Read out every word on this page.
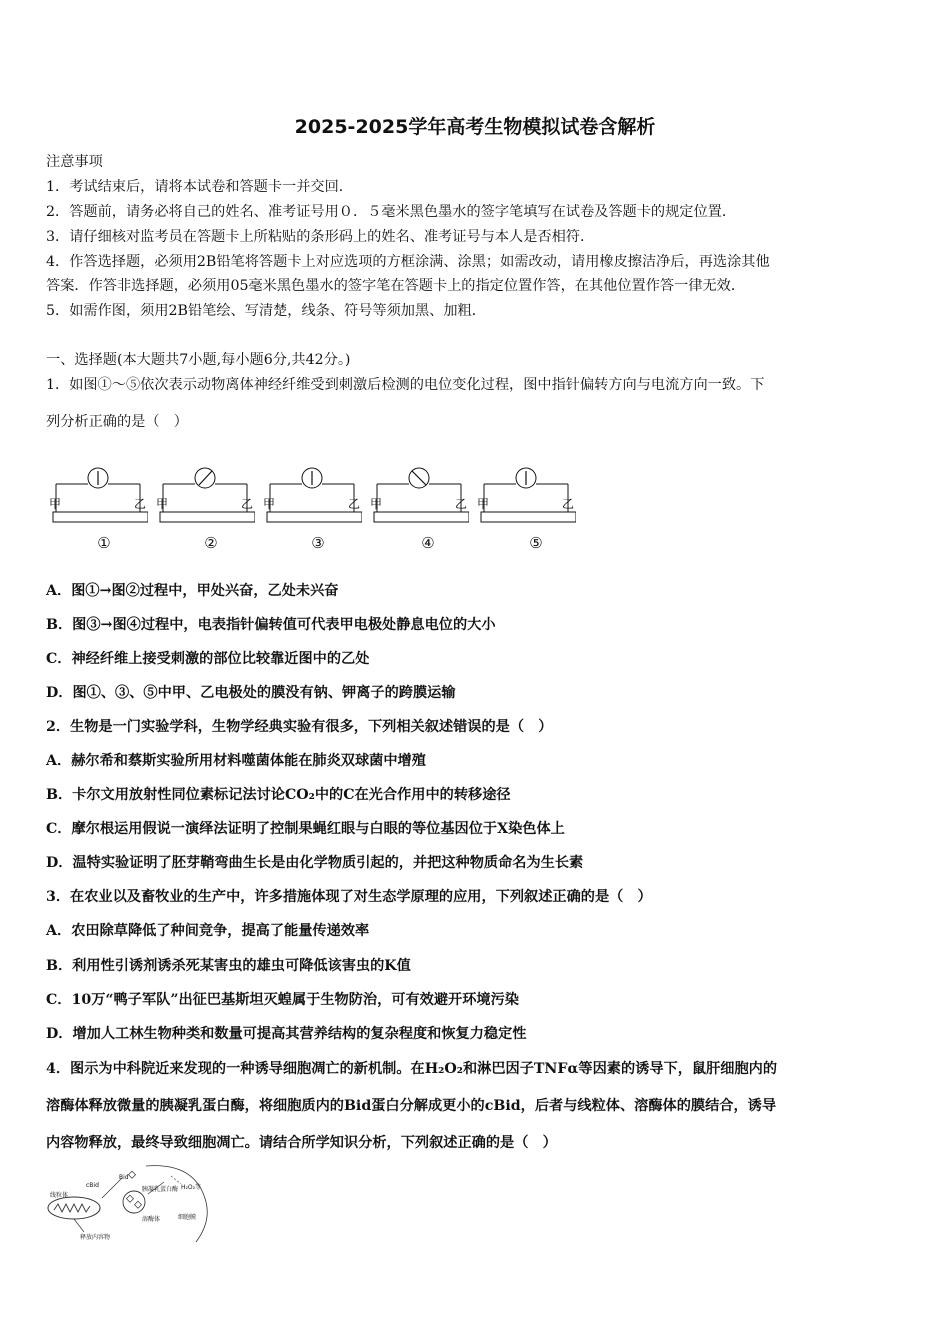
2025-2025学年高考生物模拟试卷含解析
注意事项
1．考试结束后，请将本试卷和答题卡一并交回．
2．答题前，请务必将自己的姓名、准考证号用０．５毫米黑色墨水的签字笔填写在试卷及答题卡的规定位置．
3．请仔细核对监考员在答题卡上所粘贴的条形码上的姓名、准考证号与本人是否相符．
4．作答选择题，必须用2B铅笔将答题卡上对应选项的方框涂满、涂黑；如需改动，请用橡皮擦洁净后，再选涂其他
答案．作答非选择题，必须用05毫米黑色墨水的签字笔在答题卡上的指定位置作答，在其他位置作答一律无效．
5．如需作图，须用2B铅笔绘、写清楚，线条、符号等须加黑、加粗．
一、选择题(本大题共7小题,每小题6分,共42分。)
1．如图①～⑤依次表示动物离体神经纤维受到刺激后检测的电位变化过程，图中指针偏转方向与电流方向一致。下
列分析正确的是（　）
甲	乙 甲	乙 甲	乙 甲	乙 甲	乙
①	②	③	④	⑤
A．图①→图②过程中，甲处兴奋，乙处未兴奋
B．图③→图④过程中，电表指针偏转值可代表甲电极处静息电位的大小
C．神经纤维上接受刺激的部位比较靠近图中的乙处
D．图①、③、⑤中甲、乙电极处的膜没有钠、钾离子的跨膜运输
2．生物是一门实验学科，生物学经典实验有很多，下列相关叙述错误的是（　）
A．赫尔希和蔡斯实验所用材料噬菌体能在肺炎双球菌中增殖
B．卡尔文用放射性同位素标记法讨论CO₂中的C在光合作用中的转移途径
C．摩尔根运用假说一演绎法证明了控制果蝇红眼与白眼的等位基因位于X染色体上
D．温特实验证明了胚芽鞘弯曲生长是由化学物质引起的，并把这种物质命名为生长素
3．在农业以及畜牧业的生产中，许多措施体现了对生态学原理的应用，下列叙述正确的是（　）
A．农田除草降低了种间竞争，提高了能量传递效率
B．利用性引诱剂诱杀死某害虫的雄虫可降低该害虫的K值
C．10万“鸭子军队”出征巴基斯坦灭蝗属于生物防治，可有效避开环境污染
D．增加人工林生物种类和数量可提高其营养结构的复杂程度和恢复力稳定性
4．图示为中科院近来发现的一种诱导细胞凋亡的新机制。在H₂O₂和淋巴因子TNFα等因素的诱导下，鼠肝细胞内的
溶酶体释放微量的胰凝乳蛋白酶，将细胞质内的Bid蛋白分解成更小的cBid，后者与线粒体、溶酶体的膜结合，诱导
内容物释放，最终导致细胞凋亡。请结合所学知识分析，下列叙述正确的是（　）
线粒体
cBid
Bid
胰凝乳蛋白酶
溶酶体
H₂O₂等
细胞膜
释放内容物
